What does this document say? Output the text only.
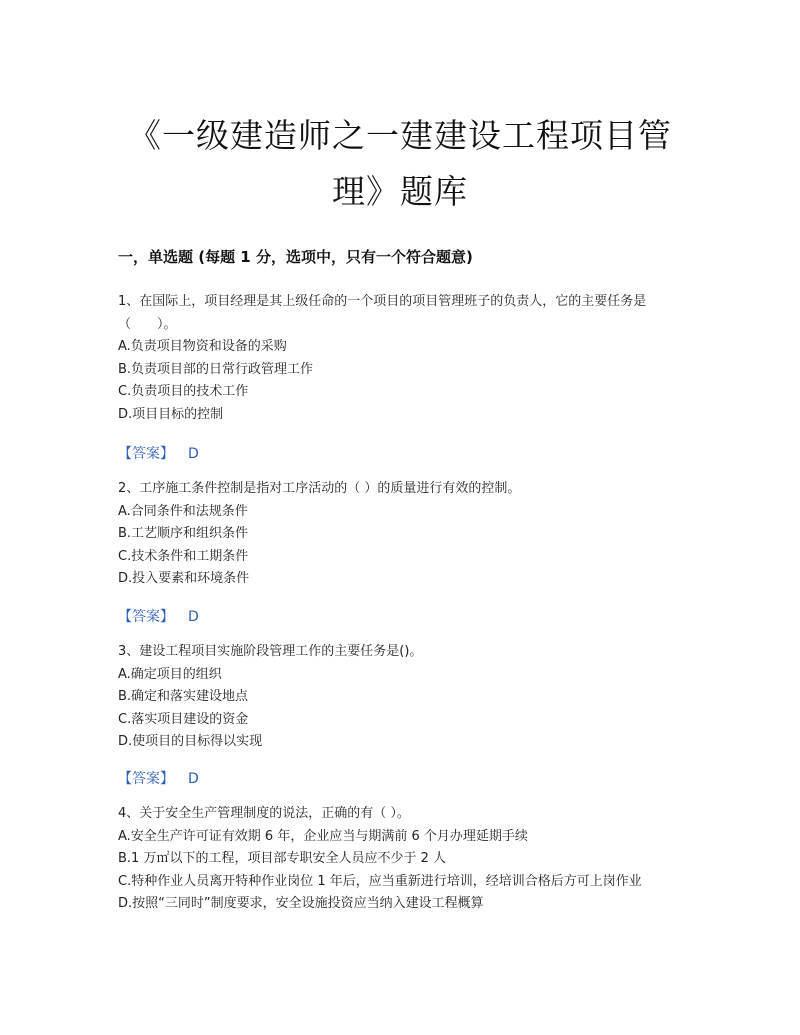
《一级建造师之一建建设工程项目管
理》题库
一，单选题 (每题 1 分，选项中，只有一个符合题意)
1、在国际上，项目经理是其上级任命的一个项目的项目管理班子的负责人，它的主要任务是（　　）。
A.负责项目物资和设备的采购
B.负责项目部的日常行政管理工作
C.负责项目的技术工作
D.项目目标的控制
【答案】 D
2、工序施工条件控制是指对工序活动的（ ）的质量进行有效的控制。
A.合同条件和法规条件
B.工艺顺序和组织条件
C.技术条件和工期条件
D.投入要素和环境条件
【答案】 D
3、建设工程项目实施阶段管理工作的主要任务是()。
A.确定项目的组织
B.确定和落实建设地点
C.落实项目建设的资金
D.使项目的目标得以实现
【答案】 D
4、关于安全生产管理制度的说法，正确的有（ ）。
A.安全生产许可证有效期 6 年，企业应当与期满前 6 个月办理延期手续
B.1 万㎡以下的工程，项目部专职安全人员应不少于 2 人
C.特种作业人员离开特种作业岗位 1 年后，应当重新进行培训，经培训合格后方可上岗作业
D.按照“三同时”制度要求，安全设施投资应当纳入建设工程概算
